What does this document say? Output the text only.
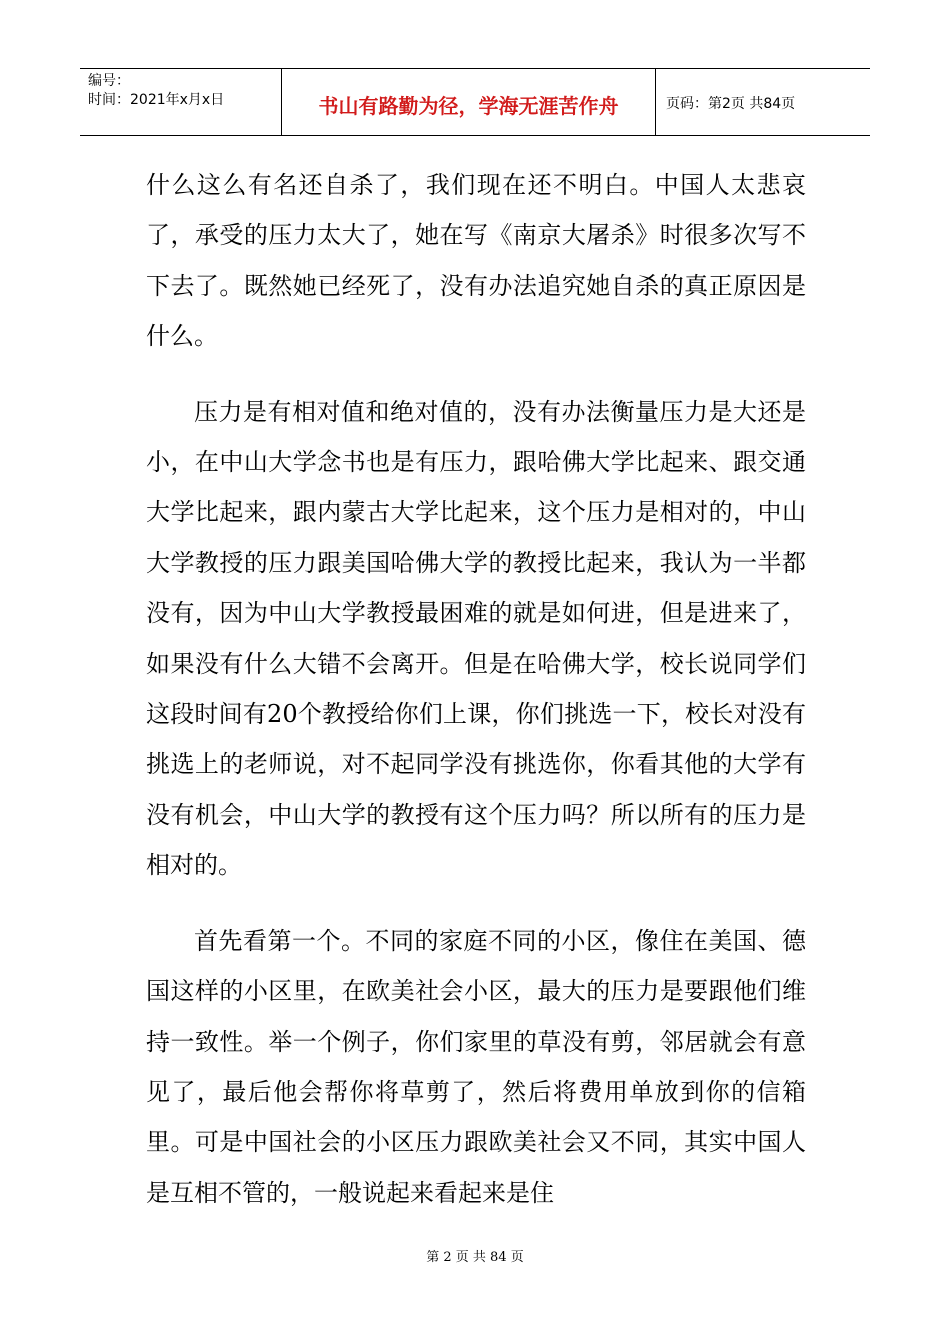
编号：
时间：2021年x月x日	书山有路勤为径，学海无涯苦作舟	页码：第2页 共84页

什么这么有名还自杀了，我们现在还不明白。中国人太悲哀了，承受的压力太大了，她在写《南京大屠杀》时很多次写不下去了。既然她已经死了，没有办法追究她自杀的真正原因是什么。

压力是有相对值和绝对值的，没有办法衡量压力是大还是小，在中山大学念书也是有压力，跟哈佛大学比起来、跟交通大学比起来，跟内蒙古大学比起来，这个压力是相对的，中山大学教授的压力跟美国哈佛大学的教授比起来，我认为一半都没有，因为中山大学教授最困难的就是如何进，但是进来了，如果没有什么大错不会离开。但是在哈佛大学，校长说同学们这段时间有20个教授给你们上课，你们挑选一下，校长对没有挑选上的老师说，对不起同学没有挑选你，你看其他的大学有没有机会，中山大学的教授有这个压力吗？所以所有的压力是相对的。

首先看第一个。不同的家庭不同的小区，像住在美国、德国这样的小区里，在欧美社会小区，最大的压力是要跟他们维持一致性。举一个例子，你们家里的草没有剪，邻居就会有意见了，最后他会帮你将草剪了，然后将费用单放到你的信箱里。可是中国社会的小区压力跟欧美社会又不同，其实中国人是互相不管的，一般说起来看起来是住

第 2 页 共 84 页
